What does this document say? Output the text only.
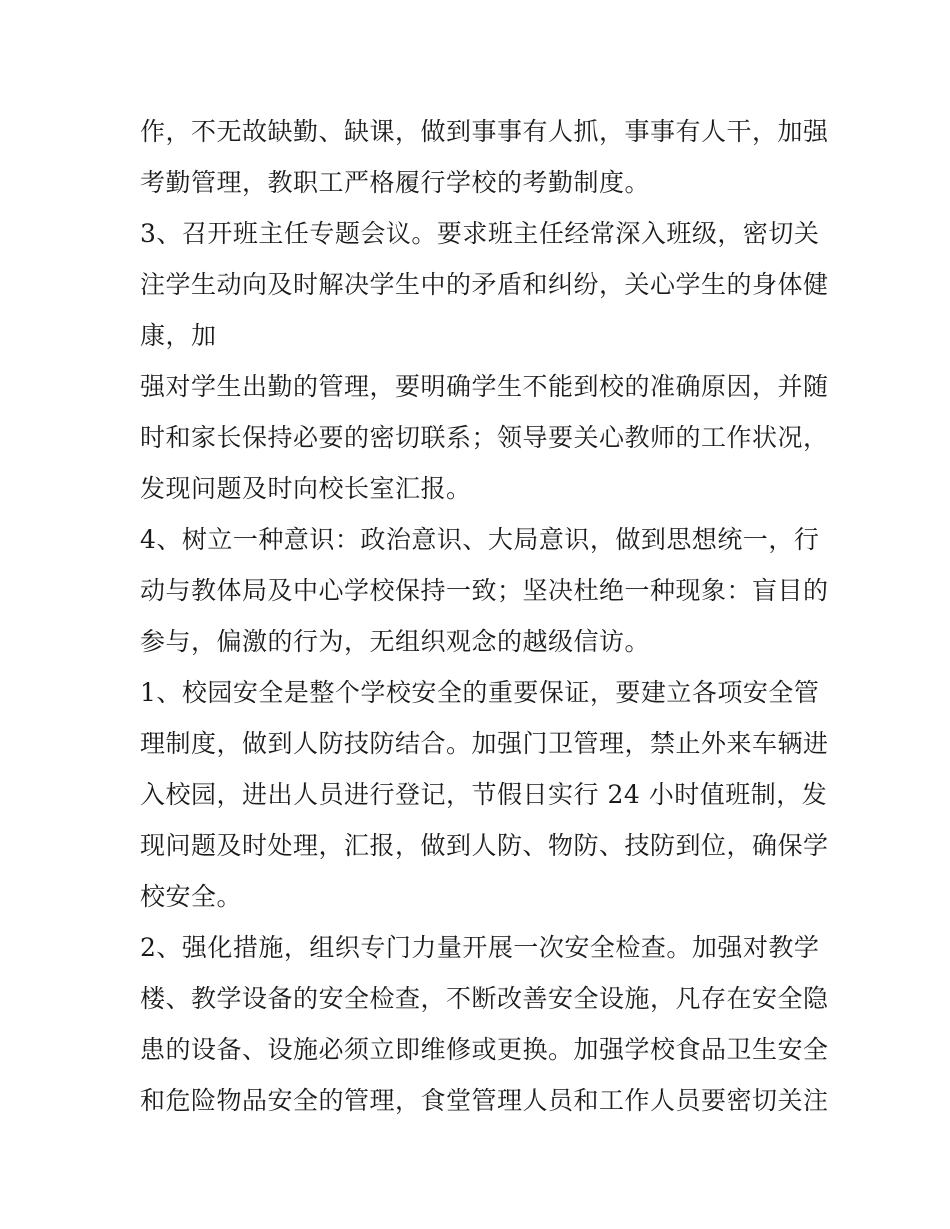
作，不无故缺勤、缺课，做到事事有人抓，事事有人干，加强
考勤管理，教职工严格履行学校的考勤制度。
3、召开班主任专题会议。要求班主任经常深入班级，密切关
注学生动向及时解决学生中的矛盾和纠纷，关心学生的身体健
康，加
强对学生出勤的管理，要明确学生不能到校的准确原因，并随
时和家长保持必要的密切联系；领导要关心教师的工作状况，
发现问题及时向校长室汇报。
4、树立一种意识：政治意识、大局意识，做到思想统一，行
动与教体局及中心学校保持一致；坚决杜绝一种现象：盲目的
参与，偏激的行为，无组织观念的越级信访。
1、校园安全是整个学校安全的重要保证，要建立各项安全管
理制度，做到人防技防结合。加强门卫管理，禁止外来车辆进
入校园，进出人员进行登记，节假日实行 24 小时值班制，发
现问题及时处理，汇报，做到人防、物防、技防到位，确保学
校安全。
2、强化措施，组织专门力量开展一次安全检查。加强对教学
楼、教学设备的安全检查，不断改善安全设施，凡存在安全隐
患的设备、设施必须立即维修或更换。加强学校食品卫生安全
和危险物品安全的管理，食堂管理人员和工作人员要密切关注
